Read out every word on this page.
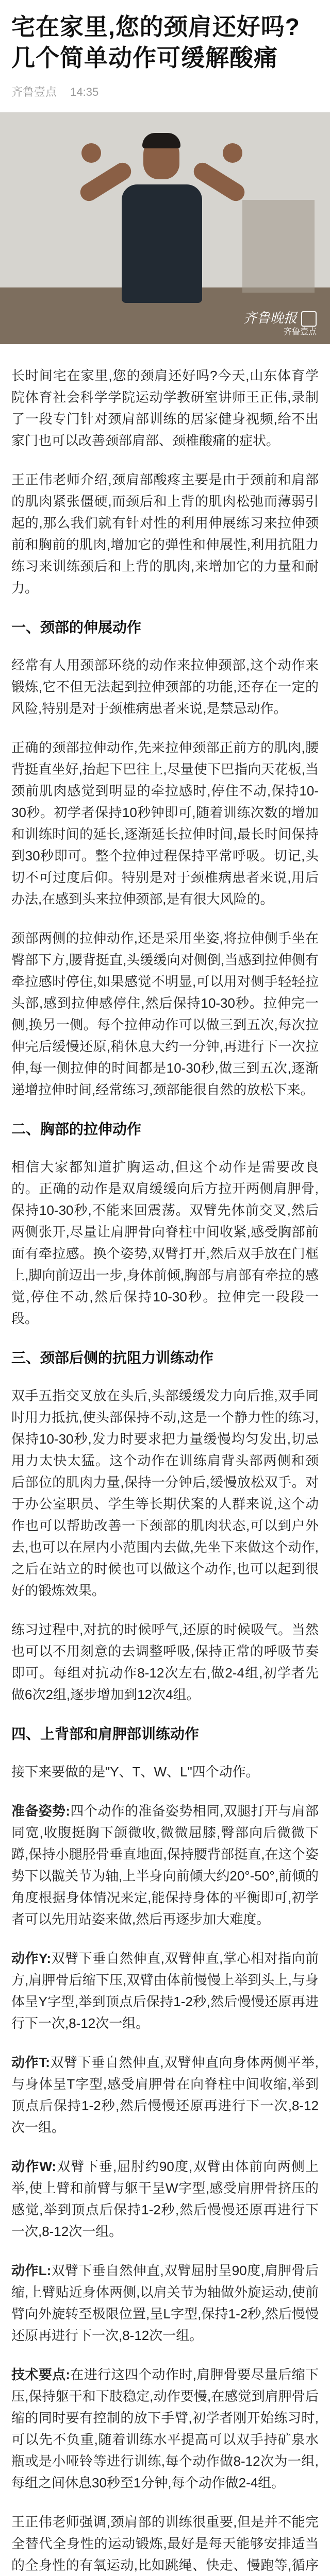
宅在家里,您的颈肩还好吗?几个简单动作可缓解酸痛
齐鲁壹点 14:35
齐鲁晚报
齐鲁壹点

长时间宅在家里,您的颈肩还好吗?今天,山东体育学院体育社会科学学院运动学教研室讲师王正伟,录制了一段专门针对颈肩部训练的居家健身视频,给不出家门也可以改善颈部肩部、颈椎酸痛的症状。

王正伟老师介绍,颈肩部酸疼主要是由于颈前和肩部的肌肉紧张僵硬,而颈后和上背的肌肉松弛而薄弱引起的,那么我们就有针对性的利用伸展练习来拉伸颈前和胸前的肌肉,增加它的弹性和伸展性,利用抗阻力练习来训练颈后和上背的肌肉,来增加它的力量和耐力。

一、颈部的伸展动作

经常有人用颈部环绕的动作来拉伸颈部,这个动作来锻炼,它不但无法起到拉伸颈部的功能,还存在一定的风险,特别是对于颈椎病患者来说,是禁忌动作。

正确的颈部拉伸动作,先来拉伸颈部正前方的肌肉,腰背挺直坐好,抬起下巴往上,尽量使下巴指向天花板,当颈前肌肉感觉到明显的牵拉感时,停住不动,保持10-30秒。初学者保持10秒钟即可,随着训练次数的增加和训练时间的延长,逐渐延长拉伸时间,最长时间保持到30秒即可。整个拉伸过程保持平常呼吸。切记,头切不可过度后仰。特别是对于颈椎病患者来说,用后办法,在感到头来拉伸颈部,是有很大风险的。

颈部两侧的拉伸动作,还是采用坐姿,将拉伸侧手坐在臀部下方,腰背挺直,头缓缓向对侧倒,当感到拉伸侧有牵拉感时停住,如果感觉不明显,可以用对侧手轻轻拉头部,感到拉伸感停住,然后保持10-30秒。拉伸完一侧,换另一侧。每个拉伸动作可以做三到五次,每次拉伸完后缓慢还原,稍休息大约一分钟,再进行下一次拉伸,每一侧拉伸的时间都是10-30秒,做三到五次,逐渐递增拉伸时间,经常练习,颈部能很自然的放松下来。

二、胸部的拉伸动作

相信大家都知道扩胸运动,但这个动作是需要改良的。正确的动作是双肩缓缓向后方拉开两侧肩胛骨,保持10-30秒,不能来回震荡。双臂先体前交叉,然后两侧张开,尽量让肩胛骨向脊柱中间收紧,感受胸部前面有牵拉感。换个姿势,双臂打开,然后双手放在门框上,脚向前迈出一步,身体前倾,胸部与肩部有牵拉的感觉,停住不动,然后保持10-30秒。拉伸完一段段一段。

三、颈部后侧的抗阻力训练动作

双手五指交叉放在头后,头部缓缓发力向后推,双手同时用力抵抗,使头部保持不动,这是一个静力性的练习,保持10-30秒,发力时要求把力量缓慢均匀发出,切忌用力太快太猛。这个动作在训练肩背头部两侧和颈后部位的肌肉力量,保持一分钟后,缓慢放松双手。对于办公室职员、学生等长期伏案的人群来说,这个动作也可以帮助改善一下颈部的肌肉状态,可以到户外去,也可以在屋内小范围内去做,先坐下来做这个动作,之后在站立的时候也可以做这个动作,也可以起到很好的锻炼效果。

练习过程中,对抗的时候呼气,还原的时候吸气。当然也可以不用刻意的去调整呼吸,保持正常的呼吸节奏即可。每组对抗动作8-12次左右,做2-4组,初学者先做6次2组,逐步增加到12次4组。

四、上背部和肩胛部训练动作

接下来要做的是"Y、T、W、L"四个动作。

准备姿势:四个动作的准备姿势相同,双腿打开与肩部同宽,收腹挺胸下颌微收,微微屈膝,臀部向后微微下蹲,保持小腿胫骨垂直地面,保持腰背部挺直,在这个姿势下以髋关节为轴,上半身向前倾大约20°-50°,前倾的角度根据身体情况来定,能保持身体的平衡即可,初学者可以先用站姿来做,然后再逐步加大难度。

动作Y:双臂下垂自然伸直,双臂伸直,掌心相对指向前方,肩胛骨后缩下压,双臂由体前慢慢上举到头上,与身体呈Y字型,举到顶点后保持1-2秒,然后慢慢还原再进行下一次,8-12次一组。

动作T:双臂下垂自然伸直,双臂伸直向身体两侧平举,与身体呈T字型,感受肩胛骨在向脊柱中间收缩,举到顶点后保持1-2秒,然后慢慢还原再进行下一次,8-12次一组。

动作W:双臂下垂,屈肘约90度,双臂由体前向两侧上举,使上臂和前臂与躯干呈W字型,感受肩胛骨挤压的感觉,举到顶点后保持1-2秒,然后慢慢还原再进行下一次,8-12次一组。

动作L:双臂下垂自然伸直,双臂屈肘呈90度,肩胛骨后缩,上臂贴近身体两侧,以肩关节为轴做外旋运动,使前臂向外旋转至极限位置,呈L字型,保持1-2秒,然后慢慢还原再进行下一次,8-12次一组。

技术要点:在进行这四个动作时,肩胛骨要尽量后缩下压,保持躯干和下肢稳定,动作要慢,在感觉到肩胛骨后缩的同时要有控制的放下手臂,初学者刚开始练习时,可以先不负重,随着训练水平提高可以双手持矿泉水瓶或是小哑铃等进行训练,每个动作做8-12次为一组,每组之间休息30秒至1分钟,每个动作做2-4组。

王正伟老师强调,颈肩部的训练很重要,但是并不能完全替代全身性的运动锻炼,最好是每天能够安排适当的全身性的有氧运动,比如跳绳、快走、慢跑等,循序
